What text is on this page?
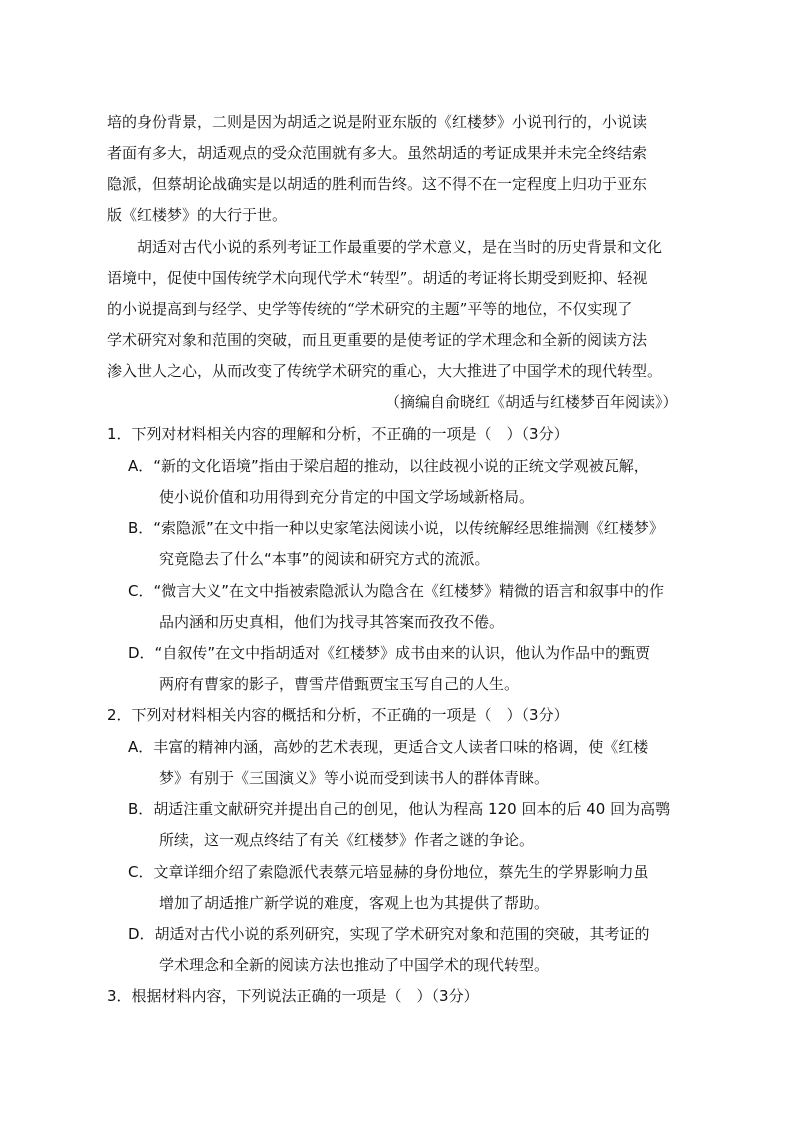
培的身份背景，二则是因为胡适之说是附亚东版的《红楼梦》小说刊行的，小说读
者面有多大，胡适观点的受众范围就有多大。虽然胡适的考证成果并未完全终结索
隐派，但蔡胡论战确实是以胡适的胜利而告终。这不得不在一定程度上归功于亚东
版《红楼梦》的大行于世。
胡适对古代小说的系列考证工作最重要的学术意义，是在当时的历史背景和文化
语境中，促使中国传统学术向现代学术“转型”。胡适的考证将长期受到贬抑、轻视
的小说提高到与经学、史学等传统的“学术研究的主题”平等的地位，不仅实现了
学术研究对象和范围的突破，而且更重要的是使考证的学术理念和全新的阅读方法
渗入世人之心，从而改变了传统学术研究的重心，大大推进了中国学术的现代转型。
（摘编自俞晓红《胡适与红楼梦百年阅读》）
1．下列对材料相关内容的理解和分析，不正确的一项是（　）（3分）
A．“新的文化语境”指由于梁启超的推动，以往歧视小说的正统文学观被瓦解，
使小说价值和功用得到充分肯定的中国文学场域新格局。
B．“索隐派”在文中指一种以史家笔法阅读小说，以传统解经思维揣测《红楼梦》
究竟隐去了什么“本事”的阅读和研究方式的流派。
C．“微言大义”在文中指被索隐派认为隐含在《红楼梦》精微的语言和叙事中的作
品内涵和历史真相，他们为找寻其答案而孜孜不倦。
D．“自叙传”在文中指胡适对《红楼梦》成书由来的认识，他认为作品中的甄贾
两府有曹家的影子，曹雪芹借甄贾宝玉写自己的人生。
2．下列对材料相关内容的概括和分析，不正确的一项是（　）（3分）
A．丰富的精神内涵，高妙的艺术表现，更适合文人读者口味的格调，使《红楼
梦》有别于《三国演义》等小说而受到读书人的群体青睐。
B．胡适注重文献研究并提出自己的创见，他认为程高 120 回本的后 40 回为高鹗
所续，这一观点终结了有关《红楼梦》作者之谜的争论。
C．文章详细介绍了索隐派代表蔡元培显赫的身份地位，蔡先生的学界影响力虽
增加了胡适推广新学说的难度，客观上也为其提供了帮助。
D．胡适对古代小说的系列研究，实现了学术研究对象和范围的突破，其考证的
学术理念和全新的阅读方法也推动了中国学术的现代转型。
3．根据材料内容，下列说法正确的一项是（　）（3分）
